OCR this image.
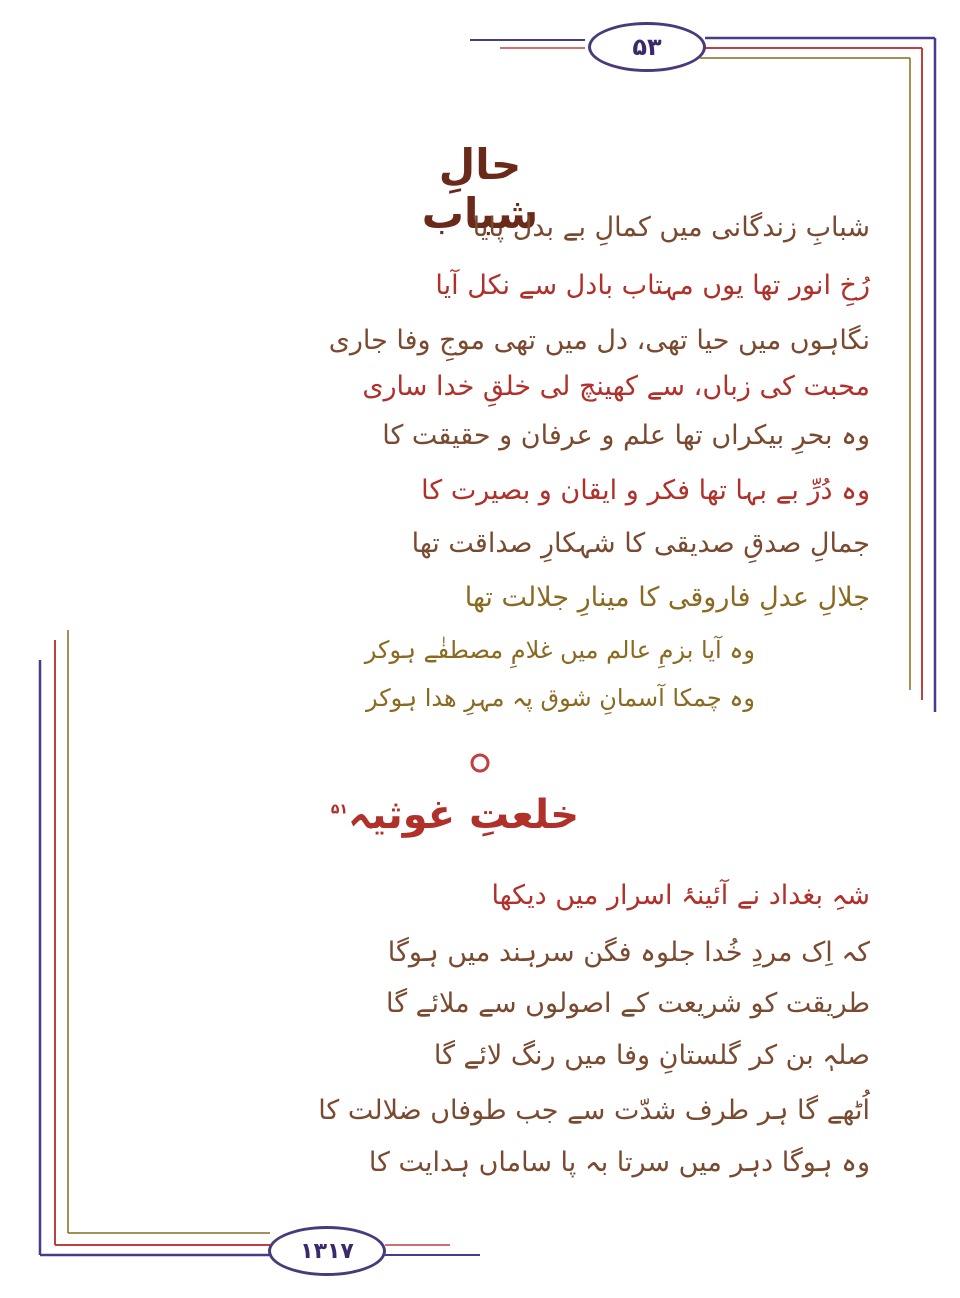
۵۳
۱۳۱۷
حالِ شباب
شبابِ زندگانی میں کمالِ بے بدل پایا
رُخِ انور تھا یوں مہتاب بادل سے نکل آیا
نگاہوں میں حیا تھی، دل میں تھی موجِ وفا جاری
محبت کی زباں، سے کھینچ لی خلقِ خدا ساری
وہ بحرِ بیکراں تھا علم و عرفان و حقیقت کا
وہ دُرِّ بے بہا تھا فکر و ایقان و بصیرت کا
جمالِ صدقِ صدیقی کا شہکارِ صداقت تھا
جلالِ عدلِ فاروقی کا مینارِ جلالت تھا
وہ آیا بزمِ عالم میں غلامِ مصطفٰے ہوکر
وہ چمکا آسمانِ شوق پہ مہرِ ھدا ہوکر
خلعتِ غوثیہ$^{۵۱}$
شہِ بغداد نے آئینۂ اسرار میں دیکھا
کہ اِک مردِ خُدا جلوہ فگن سرہند میں ہوگا
طریقت کو شریعت کے اصولوں سے ملائے گا
صلہٖ بن کر گلستانِ وفا میں رنگ لائے گا
اُٹھے گا ہر طرف شدّت سے جب طوفاں ضلالت کا
وہ ہوگا دہر میں سرتا بہ پا ساماں ہدایت کا
